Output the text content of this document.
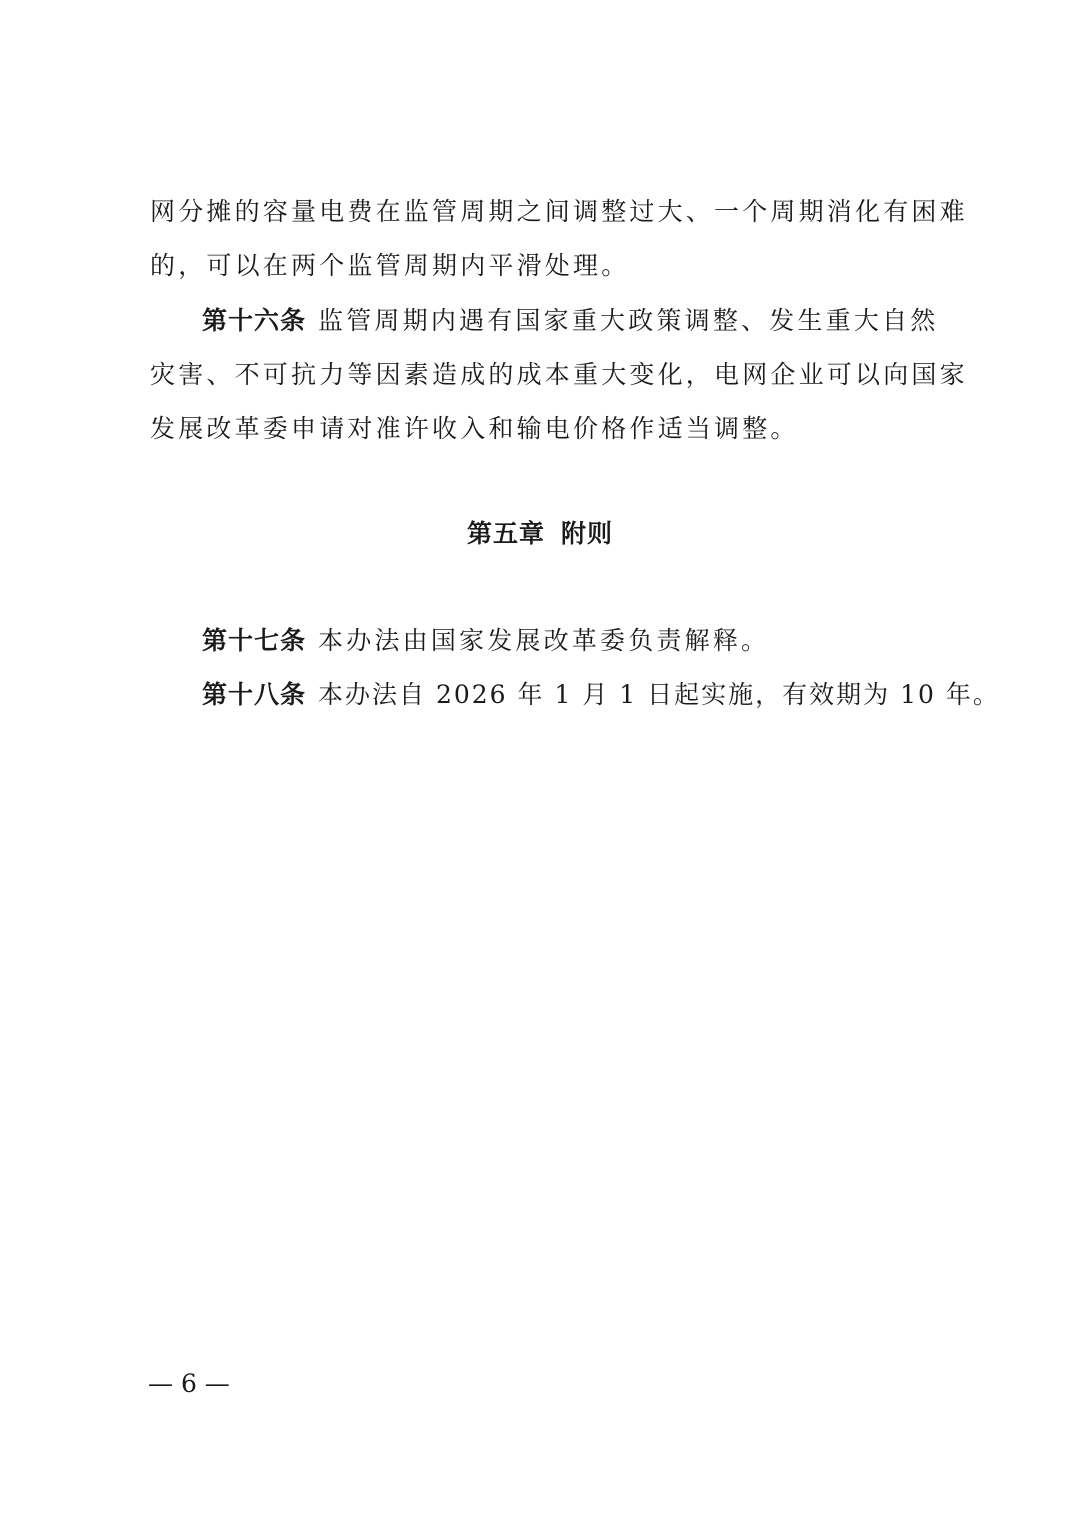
网分摊的容量电费在监管周期之间调整过大、一个周期消化有困难
的，可以在两个监管周期内平滑处理。
第十六条 监管周期内遇有国家重大政策调整、发生重大自然
灾害、不可抗力等因素造成的成本重大变化，电网企业可以向国家
发展改革委申请对准许收入和输电价格作适当调整。
第五章 附则
第十七条 本办法由国家发展改革委负责解释。
第十八条 本办法自 2026 年 1 月 1 日起实施，有效期为 10 年。
— 6 —
